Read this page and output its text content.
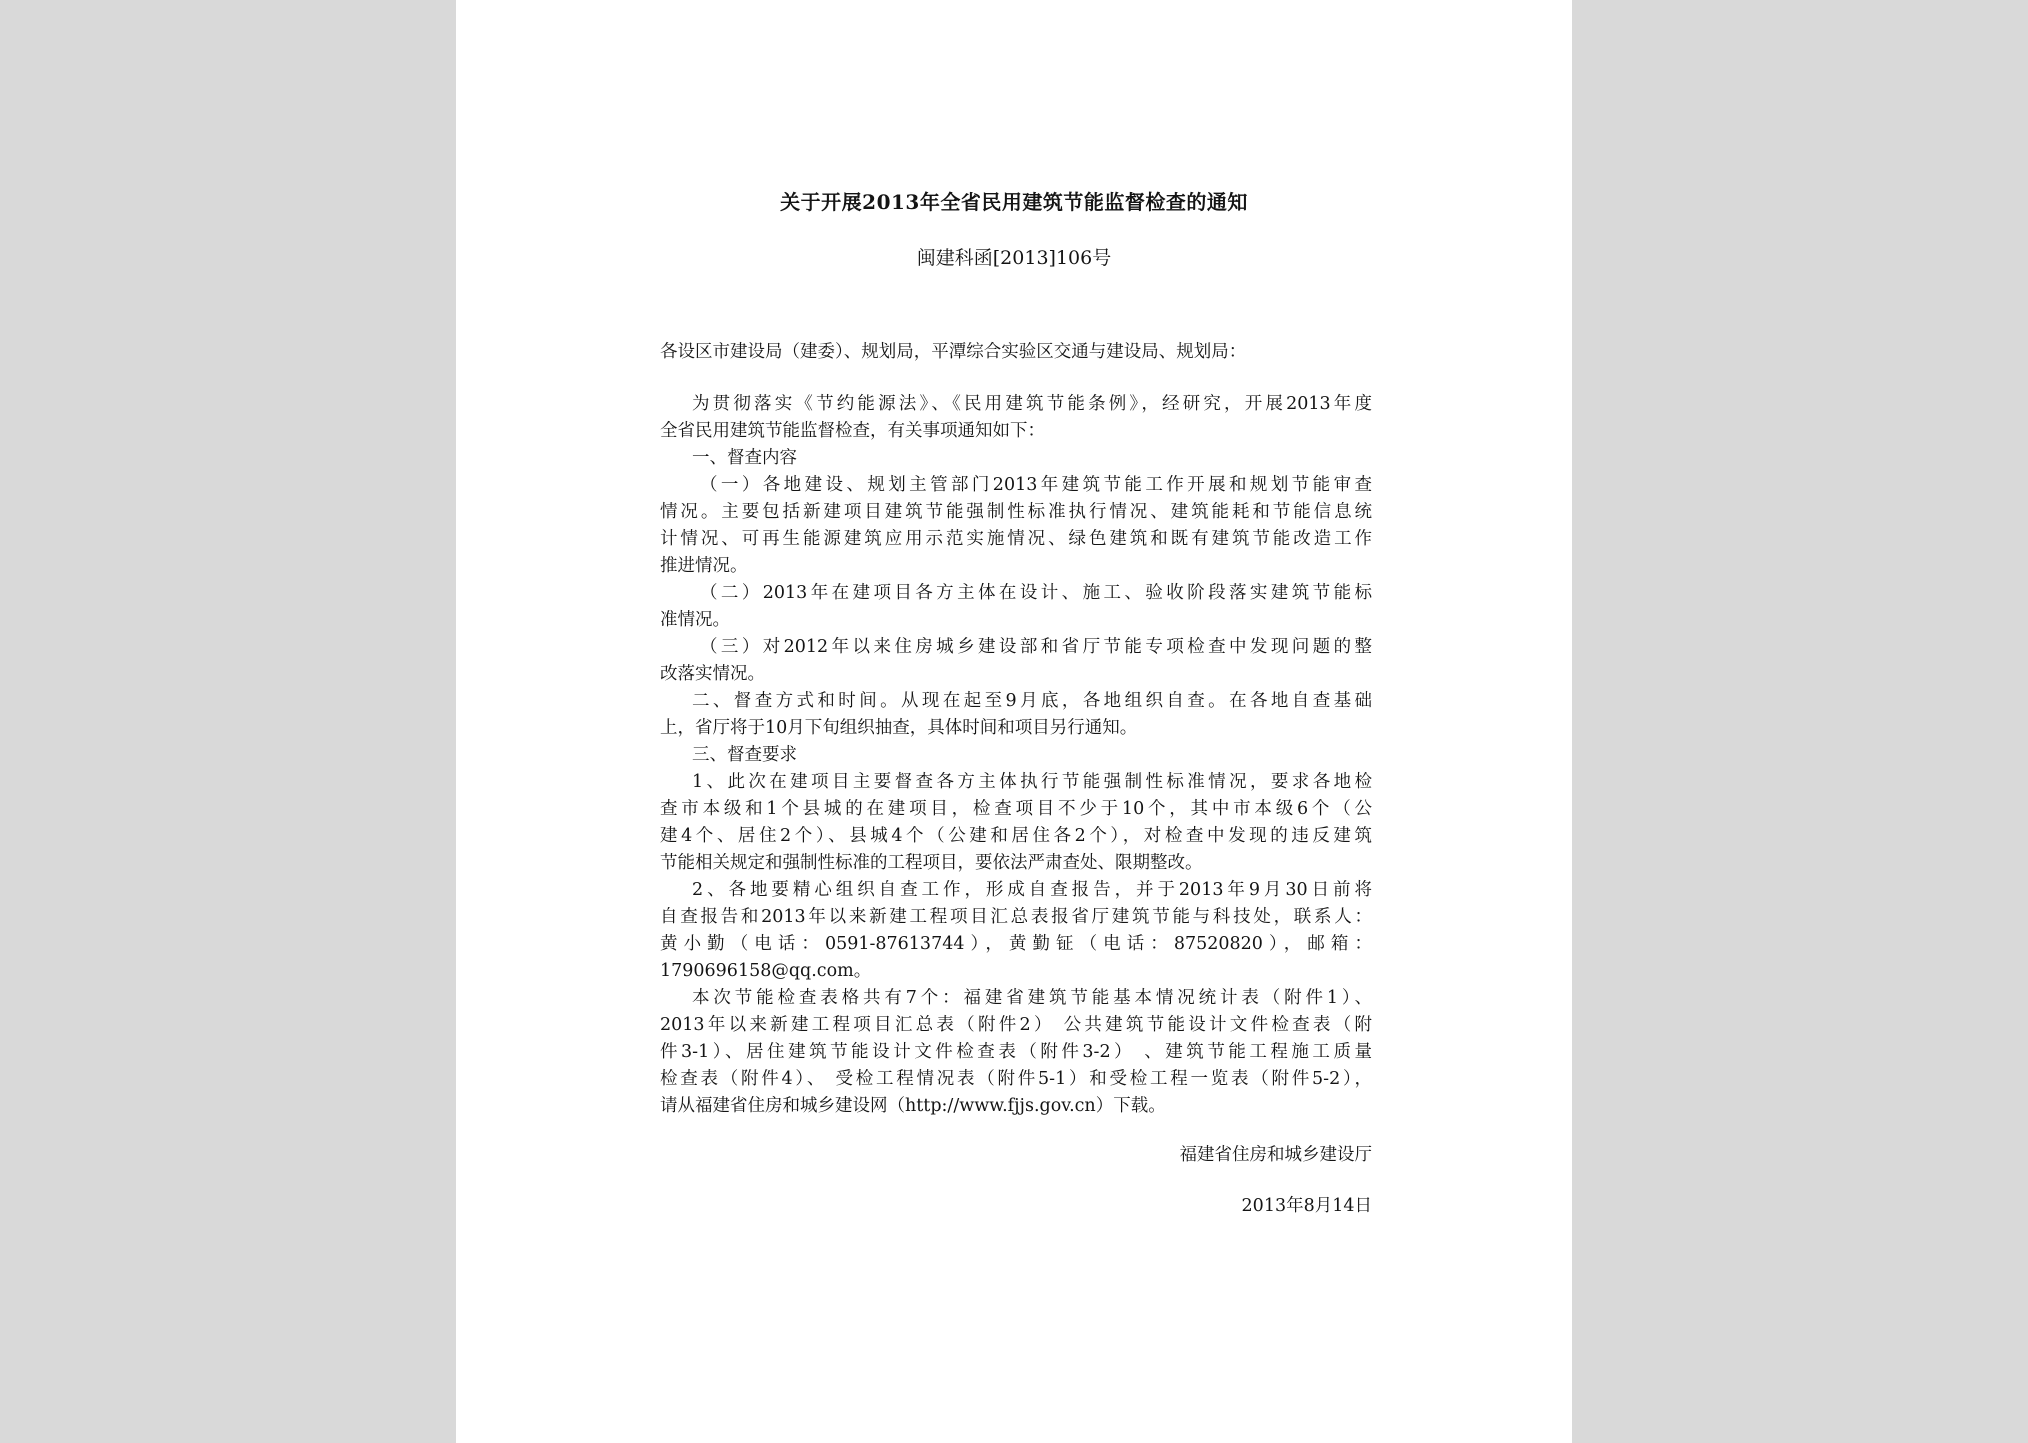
关于开展2013年全省民用建筑节能监督检查的通知
闽建科函[2013]106号
各设区市建设局（建委）、规划局，平潭综合实验区交通与建设局、规划局：
为贯彻落实《节约能源法》、《民用建筑节能条例》，经研究，开展2013年度
全省民用建筑节能监督检查，有关事项通知如下：
一、督查内容
（一）各地建设、规划主管部门2013年建筑节能工作开展和规划节能审查
情况。主要包括新建项目建筑节能强制性标准执行情况、建筑能耗和节能信息统
计情况、可再生能源建筑应用示范实施情况、绿色建筑和既有建筑节能改造工作
推进情况。
（二）2013年在建项目各方主体在设计、施工、验收阶段落实建筑节能标
准情况。
（三）对2012年以来住房城乡建设部和省厅节能专项检查中发现问题的整
改落实情况。
二、督查方式和时间。从现在起至9月底，各地组织自查。在各地自查基础
上，省厅将于10月下旬组织抽查，具体时间和项目另行通知。
三、督查要求
1、此次在建项目主要督查各方主体执行节能强制性标准情况，要求各地检
查市本级和1个县城的在建项目，检查项目不少于10个，其中市本级6个（公
建4个、居住2个）、县城4个（公建和居住各2个），对检查中发现的违反建筑
节能相关规定和强制性标准的工程项目，要依法严肃查处、限期整改。
2、各地要精心组织自查工作，形成自查报告，并于2013年9月30日前将
自查报告和2013年以来新建工程项目汇总表报省厅建筑节能与科技处，联系人：
黄小勤（电话：0591-87613744），黄勤钲（电话：87520820），邮箱：
1790696158@qq.com。
本次节能检查表格共有7个：福建省建筑节能基本情况统计表（附件1）、
2013年以来新建工程项目汇总表（附件2） 公共建筑节能设计文件检查表（附
件3-1）、居住建筑节能设计文件检查表（附件3-2） 、建筑节能工程施工质量
检查表（附件4）、 受检工程情况表（附件5-1）和受检工程一览表（附件5-2），
请从福建省住房和城乡建设网（http://www.fjjs.gov.cn）下载。
福建省住房和城乡建设厅
2013年8月14日
